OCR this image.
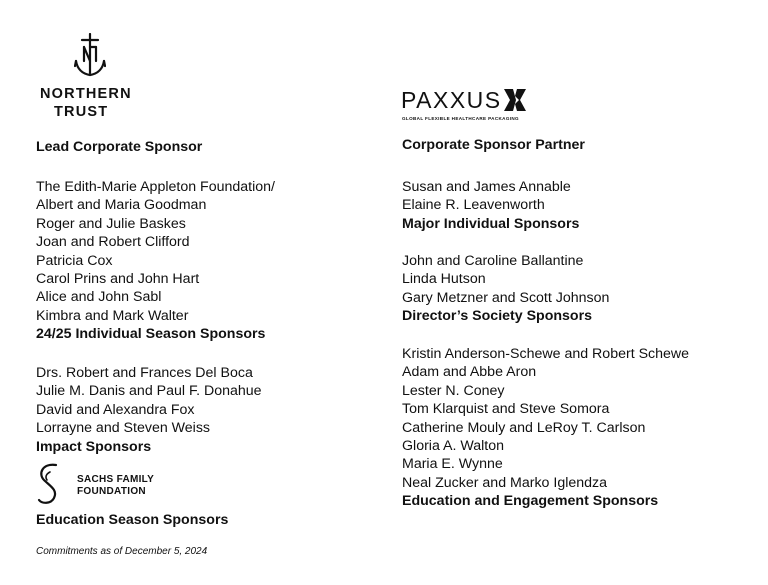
NORTHERN
TRUST	PAXXUS
GLOBAL FLEXIBLE HEALTHCARE PACKAGING
Lead Corporate Sponsor
The Edith-Marie Appleton Foundation/
Albert and Maria Goodman
Roger and Julie Baskes
Joan and Robert Clifford
Patricia Cox
Carol Prins and John Hart
Alice and John Sabl
Kimbra and Mark Walter
24/25 Individual Season Sponsors
Drs. Robert and Frances Del Boca
Julie M. Danis and Paul F. Donahue
David and Alexandra Fox
Lorrayne and Steven Weiss
Impact Sponsors
Education Season Sponsors
SACHS FAMILY
FOUNDATION
Corporate Sponsor Partner
Susan and James Annable
Elaine R. Leavenworth
Major Individual Sponsors
John and Caroline Ballantine
Linda Hutson
Gary Metzner and Scott Johnson
Director’s Society Sponsors
Kristin Anderson-Schewe and Robert Schewe
Adam and Abbe Aron
Lester N. Coney
Tom Klarquist and Steve Somora
Catherine Mouly and LeRoy T. Carlson
Gloria A. Walton
Maria E. Wynne
Neal Zucker and Marko Iglendza
Education and Engagement Sponsors
Commitments as of December 5, 2024
